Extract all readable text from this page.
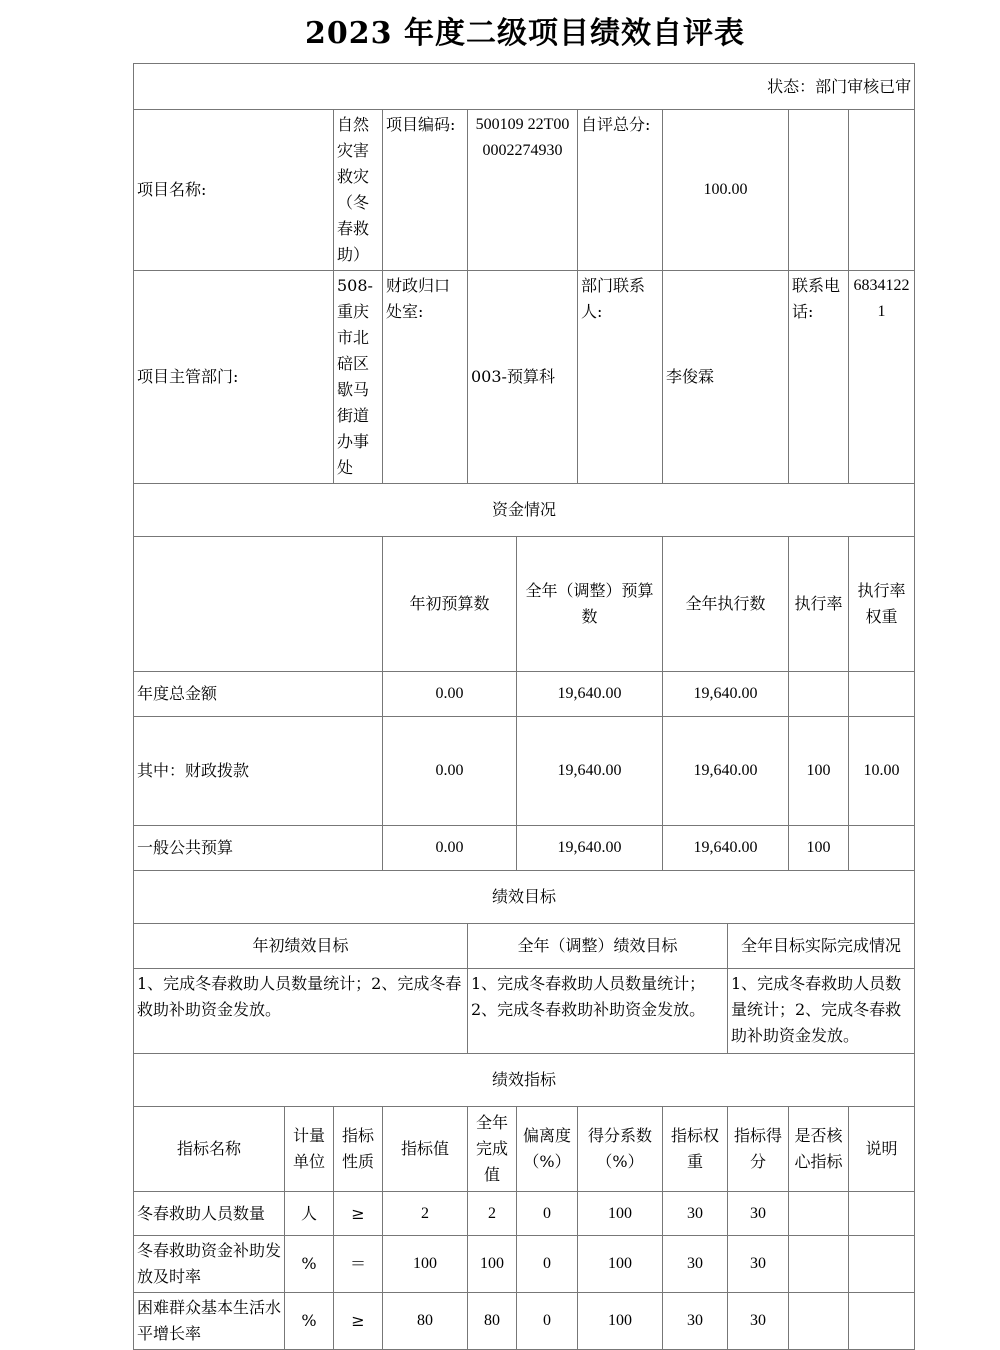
2023 年度二级项目绩效自评表
状态：部门审核已审											
项目名称:		自然灾害救灾（冬春救助）	项目编码:	500109 22T00 0002274930		自评总分:	100.00				
项目主管部门:		508-重庆市北碚区歇马街道办事处	财政归口处室:	003-预算科		部门联系人:	李俊霖		联系电话:	68341221	
资金情况											
			年初预算数		全年（调整）预算数		全年执行数		执行率	执行率权重	
年度总金额			0.00		19,640.00		19,640.00				
其中：财政拨款			0.00		19,640.00		19,640.00		100	10.00	
一般公共预算			0.00		19,640.00		19,640.00		100		
绩效目标											
年初绩效目标				全年（调整）绩效目标				全年目标实际完成情况			
1、完成冬春救助人员数量统计；2、完成冬春救助补助资金发放。				1、完成冬春救助人员数量统计；2、完成冬春救助补助资金发放。				1、完成冬春救助人员数量统计；2、完成冬春救助补助资金发放。			
绩效指标											
指标名称	计量单位	指标性质	指标值	全年完成值	偏离度（%）	得分系数（%）	指标权重	指标得分	是否核心指标	说明	
冬春救助人员数量	人	≥	2	2	0	100	30	30			
冬春救助资金补助发放及时率	%	＝	100	100	0	100	30	30			
困难群众基本生活水平增长率	%	≥	80	80	0	100	30	30			
